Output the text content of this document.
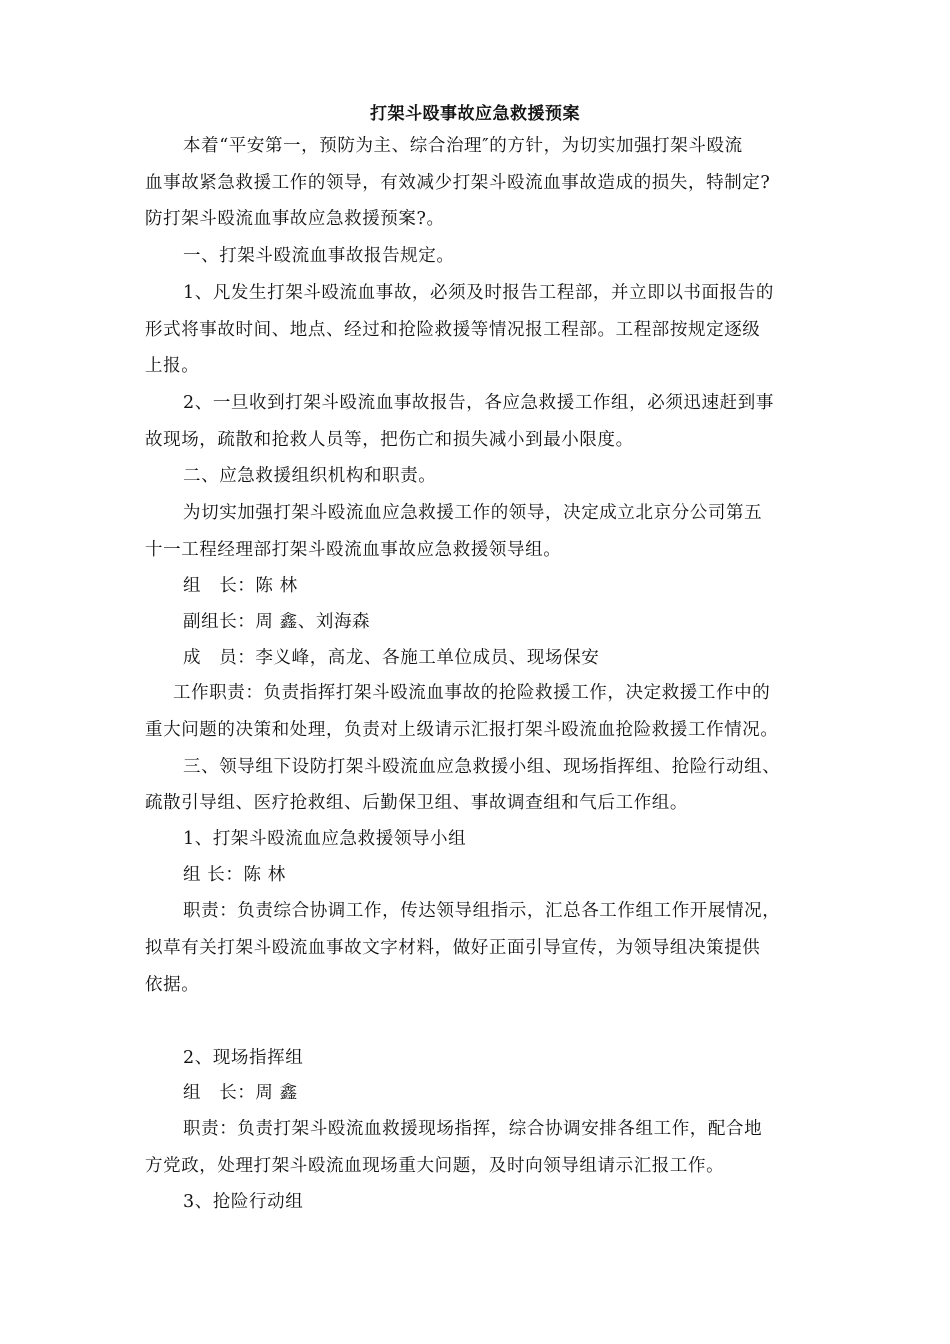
打架斗殴事故应急救援预案
本着“平安第一，预防为主、综合治理″的方针，为切实加强打架斗殴流
血事故紧急救援工作的领导，有效减少打架斗殴流血事故造成的损失，特制定?
防打架斗殴流血事故应急救援预案?。
一、打架斗殴流血事故报告规定。
1、凡发生打架斗殴流血事故，必须及时报告工程部，并立即以书面报告的
形式将事故时间、地点、经过和抢险救援等情况报工程部。工程部按规定逐级
上报。
2、一旦收到打架斗殴流血事故报告，各应急救援工作组，必须迅速赶到事
故现场，疏散和抢救人员等，把伤亡和损失减小到最小限度。
二、应急救援组织机构和职责。
为切实加强打架斗殴流血应急救援工作的领导，决定成立北京分公司第五
十一工程经理部打架斗殴流血事故应急救援领导组。
组　长：陈 林
副组长：周 鑫、刘海森
成　员：李义峰，高龙、各施工单位成员、现场保安
工作职责：负责指挥打架斗殴流血事故的抢险救援工作，决定救援工作中的
重大问题的决策和处理，负责对上级请示汇报打架斗殴流血抢险救援工作情况。
三、领导组下设防打架斗殴流血应急救援小组、现场指挥组、抢险行动组、
疏散引导组、医疗抢救组、后勤保卫组、事故调查组和气后工作组。
1、打架斗殴流血应急救援领导小组
组 长：陈 林
职责：负责综合协调工作，传达领导组指示，汇总各工作组工作开展情况，
拟草有关打架斗殴流血事故文字材料，做好正面引导宣传，为领导组决策提供
依据。
2、现场指挥组
组　长：周 鑫
职责：负责打架斗殴流血救援现场指挥，综合协调安排各组工作，配合地
方党政，处理打架斗殴流血现场重大问题，及时向领导组请示汇报工作。
3、抢险行动组
